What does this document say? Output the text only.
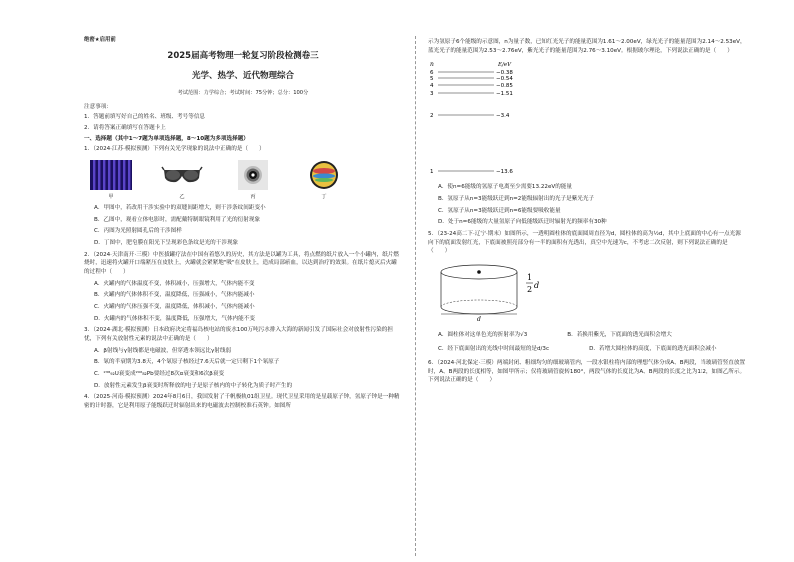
绝密★启用前
2025届高考物理一轮复习阶段检测卷三
光学、热学、近代物理综合
考试范围：力学综合；考试时间：75分钟；总分：100分
注意事项：
1．答题前填写好自己的姓名、班级、考号等信息
2．请将答案正确填写在答题卡上
一、选择题（其中1～7题为单项选择题，8～10题为多项选择题）
1．（2024·江苏·模拟预测）下列有关光学现象的说法中正确的是（　　）
甲	乙	丙	丁
A．甲图中，若改用干涉实验中的双缝间距增大，则干涉条纹间距变小
B．乙图中，观看立体电影时，需配戴特制眼镜利用了光的衍射现象
C．丙图为光照射圆孔后的干涉图样
D．丁图中，肥皂膜在阳光下呈现彩色条纹是光的干涉现象
2．（2024·天津南开·三模）中医拔罐疗法在中国有着悠久的历史，其方法是以罐为工具，将点燃的纸片放入一个小罐内，纸片燃烧时，迅速将火罐开口端紧压在皮肤上，火罐就会紧紧地"吸"在皮肤上，造成局部瘀血，以达到治疗的效果。在纸片熄灭后火罐的过程中（　　）
A．火罐内的气体温度不变，体积减小，压强增大，气体内能不变
B．火罐内的气体体积不变，温度降低，压强减小，气体内能减小
C．火罐内的气体压强不变，温度降低，体积减小，气体内能减小
D．火罐内的气体体积不变，温度降低，压强增大，气体内能不变
3．（2024·湖北·模拟预测）日本政府决定将福岛核电站的废水100万吨污水排入大海的新闻引发了国际社会对放射性污染的担忧，下列有关放射性元素的说法中正确的是（　　）
A．β射线与γ射线都是电磁波，但穿透本领远比γ射线弱
B．氡的半衰期为3.8天，4个氡原子核经过7.6天后就一定只剩下1个氡原子
C．²³⁸₉₂U衰变成²⁰⁶₈₂Pb要经过8次α衰变和6次β衰变
D．放射性元素发生β衰变时所释放的电子是原子核内的中子转化为质子时产生的
4．（2025·河南·模拟预测）2024年8月6日，我国发射了千帆极轨01组卫星。现代卫星采用的是星载原子钟，氢原子钟是一种精密的计时器，它是利用原子能级跃迁时辐射出来的电磁波去控制校准石英钟。如图所
示为氢原子6个能级的示意图，n为量子数，已知红光光子的能量范围为1.61～2.00eV，绿光光子的能量范围为2.14～2.53eV，蓝光光子的能量范围为2.53～2.76eV，紫光光子的能量范围为2.76～3.10eV。根据玻尔理论，下列说法正确的是（　　）
n	E/eV
6	−0.38
5	−0.54
4	−0.85
3	−1.51
2	−3.4
1	−13.6
A．使n=6能级的氢原子电离至少需要13.22eV的能量
B．氢原子从n=3能级跃迁到n=2能级辐射出的光子是紫光光子
C．氢原子从n=3能级跃迁到n=6能级要吸收能量
D．处于n=6能级的大量氢原子向低能级跃迁时辐射光的频率有30种
5．（23-24高二下·辽宁·期末）如图所示，一透明圆柱体的底面圆周直径为d，圆柱体的高为½d，其中上底面的中心有一点光源向下的底面发射红光，下底面被照亮部分有一半的面积有光透出，真空中光速为c，不考虑二次反射，则下列说法正确的是（　　）
d
1
2 d
A．圆柱体对这单色光的折射率为√3	B．若换用紫光，下底面的透光面积会增大
C．经下底面射出的光线中时间最短的是d/3c	D．若增大圆柱体的高度，下底面的透光面积会减小
6．（2024·河北保定·三模）两端封闭、粗细均匀的细玻璃管内，一段水银柱将内部的理想气体分成A、B两段，当玻璃管竖直放置时，A、B两段的长度相等，如图甲所示；仅将玻璃管旋转180°，两段气体的长度比为A、B两段的长度之比为1∶2，如图乙所示。下列说法正确的是（　　）
